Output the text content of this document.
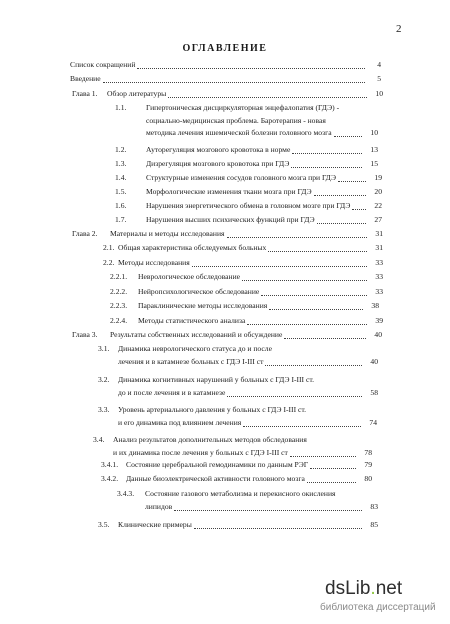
2
ОГЛАВЛЕНИЕ
Список сокращений	4
Введение	5
Глава 1. Обзор литературы	10
1.1.	Гипертоническая дисциркуляторная энцефалопатия (ГДЭ) -
социально-медицинская проблема. Баротерапия - новая
методика лечения ишемической болезни головного мозга	10
1.2.	Ауторегуляция мозгового кровотока в норме	13
1.3.	Дизрегуляция мозгового кровотока при ГДЭ	15
1.4.	Структурные изменения сосудов головного мозга при ГДЭ	19
1.5.	Морфологические изменения ткани мозга при ГДЭ	20
1.6.	Нарушения энергетического обмена в головном мозге при ГДЭ	22
1.7.	Нарушения высших психических функций при ГДЭ	27
Глава 2. Материалы и методы исследования	31
2.1. Общая характеристика обследуемых больных	31
2.2. Методы исследования	33
2.2.1. Неврологическое обследование	33
2.2.2. Нейропсихологическое обследование	33
2.2.3. Параклинические методы исследования	38
2.2.4. Методы статистического анализа	39
Глава 3. Результаты собственных исследований и обсуждение	40
3.1. Динамика неврологического статуса до и после
лечения и в катамнезе больных с ГДЭ I-III ст	40
3.2. Динамика когнитивных нарушений у больных с ГДЭ I-III ст.
до и после лечения и в катамнезе	58
3.3. Уровень артериального давления у больных с ГДЭ I-III ст.
и его динамика под влиянием лечения	74
3.4. Анализ результатов дополнительных методов обследования
и их динамика после лечения у больных с ГДЭ I-III ст	78
3.4.1. Состояние церебральной гемодинамики по данным РЭГ	79
3.4.2. Данные биоэлектрической активности головного мозга	80
3.4.3. Состояние газового метаболизма и перекисного окисления
липидов	83
3.5. Клинические примеры	85
dsLib.net
библиотека диссертаций
